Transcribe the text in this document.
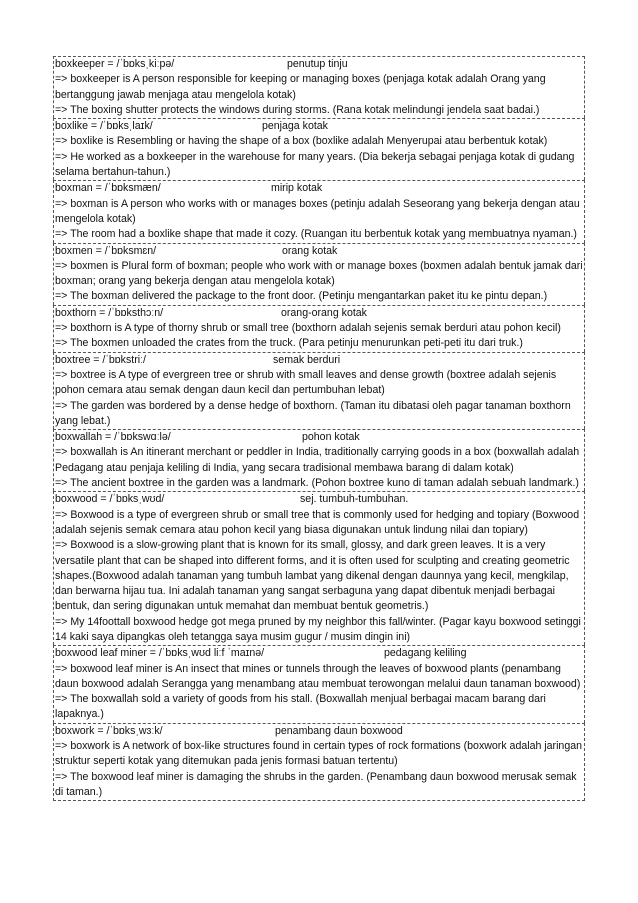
boxkeeper = /ˈbɒksˌkiːpə/	penutup tinju
=> boxkeeper is A person responsible for keeping or managing boxes (penjaga kotak adalah Orang yang bertanggung jawab menjaga atau mengelola kotak)
=> The boxing shutter protects the windows during storms. (Rana kotak melindungi jendela saat badai.)
boxlike = /ˈbɒksˌlaɪk/	penjaga kotak
=> boxlike is Resembling or having the shape of a box (boxlike adalah Menyerupai atau berbentuk kotak)
=> He worked as a boxkeeper in the warehouse for many years. (Dia bekerja sebagai penjaga kotak di gudang selama bertahun-tahun.)
boxman = /ˈbɒksmæn/	mirip kotak
=> boxman is A person who works with or manages boxes (petinju adalah Seseorang yang bekerja dengan atau mengelola kotak)
=> The room had a boxlike shape that made it cozy. (Ruangan itu berbentuk kotak yang membuatnya nyaman.)
boxmen = /ˈbɒksmɛn/	orang kotak
=> boxmen is Plural form of boxman; people who work with or manage boxes (boxmen adalah bentuk jamak dari boxman; orang yang bekerja dengan atau mengelola kotak)
=> The boxman delivered the package to the front door. (Petinju mengantarkan paket itu ke pintu depan.)
boxthorn = /ˈbɒksthɔːn/	orang-orang kotak
=> boxthorn is A type of thorny shrub or small tree (boxthorn adalah sejenis semak berduri atau pohon kecil)
=> The boxmen unloaded the crates from the truck. (Para petinju menurunkan peti-peti itu dari truk.)
boxtree = /ˈbɒkstriː/	semak berduri
=> boxtree is A type of evergreen tree or shrub with small leaves and dense growth (boxtree adalah sejenis pohon cemara atau semak dengan daun kecil dan pertumbuhan lebat)
=> The garden was bordered by a dense hedge of boxthorn. (Taman itu dibatasi oleh pagar tanaman boxthorn yang lebat.)
boxwallah = /ˈbɒkswɑːlə/	pohon kotak
=> boxwallah is An itinerant merchant or peddler in India, traditionally carrying goods in a box (boxwallah adalah Pedagang atau penjaja keliling di India, yang secara tradisional membawa barang di dalam kotak)
=> The ancient boxtree in the garden was a landmark. (Pohon boxtree kuno di taman adalah sebuah landmark.)
boxwood = /ˈbɒksˌwʊd/	sej. tumbuh-tumbuhan.
=> Boxwood is a type of evergreen shrub or small tree that is commonly used for hedging and topiary (Boxwood adalah sejenis semak cemara atau pohon kecil yang biasa digunakan untuk lindung nilai dan topiary)
=> Boxwood is a slow-growing plant that is known for its small, glossy, and dark green leaves. It is a very versatile plant that can be shaped into different forms, and it is often used for sculpting and creating geometric shapes.(Boxwood adalah tanaman yang tumbuh lambat yang dikenal dengan daunnya yang kecil, mengkilap, dan berwarna hijau tua. Ini adalah tanaman yang sangat serbaguna yang dapat dibentuk menjadi berbagai bentuk, dan sering digunakan untuk memahat dan membuat bentuk geometris.)
=> My 14foottall boxwood hedge got mega pruned by my neighbor this fall/winter. (Pagar kayu boxwood setinggi 14 kaki saya dipangkas oleh tetangga saya musim gugur / musim dingin ini)
boxwood leaf miner = /ˈbɒksˌwʊd liːf ˈmaɪnə/	pedagang keliling
=> boxwood leaf miner is An insect that mines or tunnels through the leaves of boxwood plants (penambang daun boxwood adalah Serangga yang menambang atau membuat terowongan melalui daun tanaman boxwood)
=> The boxwallah sold a variety of goods from his stall. (Boxwallah menjual berbagai macam barang dari lapaknya.)
boxwork = /ˈbɒksˌwɜːk/	penambang daun boxwood
=> boxwork is A network of box-like structures found in certain types of rock formations (boxwork adalah jaringan struktur seperti kotak yang ditemukan pada jenis formasi batuan tertentu)
=> The boxwood leaf miner is damaging the shrubs in the garden. (Penambang daun boxwood merusak semak di taman.)
